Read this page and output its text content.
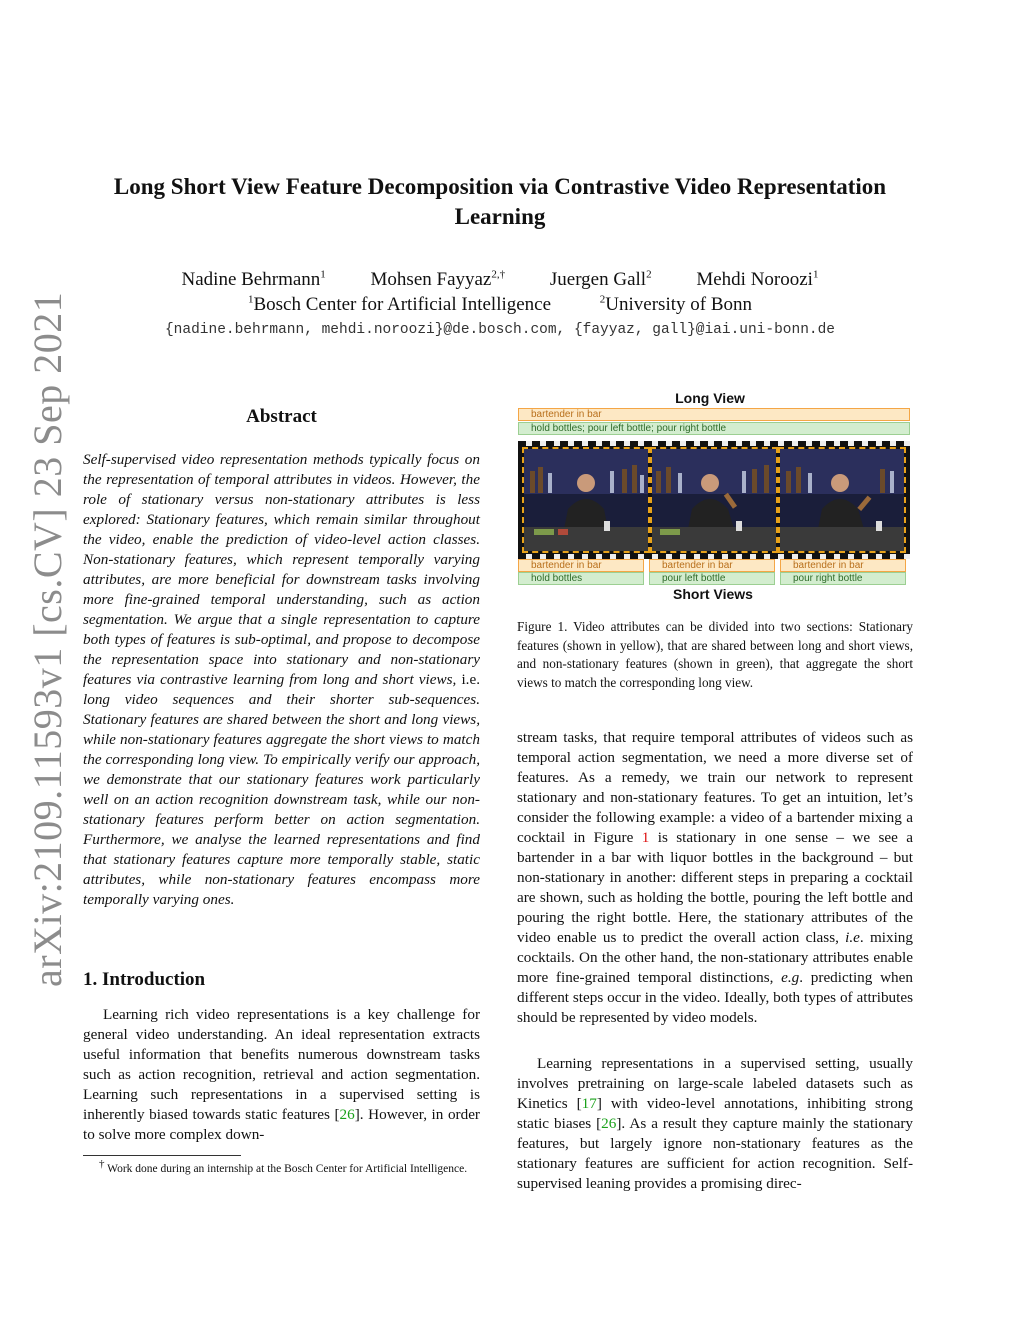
arXiv:2109.11593v1 [cs.CV] 23 Sep 2021
Long Short View Feature Decomposition via Contrastive Video Representation Learning
Nadine Behrmann$^1$ Mohsen Fayyaz$^{2,\dagger}$ Juergen Gall$^2$ Mehdi Noroozi$^1$
$^1$Bosch Center for Artificial Intelligence	$^2$University of Bonn
{nadine.behrmann, mehdi.noroozi}@de.bosch.com, {fayyaz, gall}@iai.uni-bonn.de
Abstract
Self-supervised video representation methods typically focus on the representation of temporal attributes in videos. However, the role of stationary versus non-stationary attributes is less explored: Stationary features, which remain similar throughout the video, enable the prediction of video-level action classes. Non-stationary features, which represent temporally varying attributes, are more beneficial for downstream tasks involving more fine-grained temporal understanding, such as action segmentation. We argue that a single representation to capture both types of features is sub-optimal, and propose to decompose the representation space into stationary and non-stationary features via contrastive learning from long and short views, i.e. long video sequences and their shorter sub-sequences. Stationary features are shared between the short and long views, while non-stationary features aggregate the short views to match the corresponding long view. To empirically verify our approach, we demonstrate that our stationary features work particularly well on an action recognition downstream task, while our non-stationary features perform better on action segmentation. Furthermore, we analyse the learned representations and find that stationary features capture more temporally stable, static attributes, while non-stationary features encompass more temporally varying ones.
1. Introduction
Learning rich video representations is a key challenge for general video understanding. An ideal representation extracts useful information that benefits numerous downstream tasks such as action recognition, retrieval and action segmentation. Learning such representations in a supervised setting is inherently biased towards static features [26]. However, in order to solve more complex down-
† Work done during an internship at the Bosch Center for Artificial Intelligence.
Long View
bartender in bar
hold bottles; pour left bottle; pour right bottle
bartender in bar
hold bottles
bartender in bar
pour left bottle
bartender in bar
pour right bottle
Short Views
Figure 1. Video attributes can be divided into two sections: Stationary features (shown in yellow), that are shared between long and short views, and non-stationary features (shown in green), that aggregate the short views to match the corresponding long view.
stream tasks, that require temporal attributes of videos such as temporal action segmentation, we need a more diverse set of features. As a remedy, we train our network to represent stationary and non-stationary features. To get an intuition, let’s consider the following example: a video of a bartender mixing a cocktail in Figure 1 is stationary in one sense – we see a bartender in a bar with liquor bottles in the background – but non-stationary in another: different steps in preparing a cocktail are shown, such as holding the bottle, pouring the left bottle and pouring the right bottle. Here, the stationary attributes of the video enable us to predict the overall action class, i.e. mixing cocktails. On the other hand, the non-stationary attributes enable more fine-grained temporal distinctions, e.g. predicting when different steps occur in the video. Ideally, both types of attributes should be represented by video models.
Learning representations in a supervised setting, usually involves pretraining on large-scale labeled datasets such as Kinetics [17] with video-level annotations, inhibiting strong static biases [26]. As a result they capture mainly the stationary features, but largely ignore non-stationary features as the stationary features are sufficient for action recognition. Self-supervised leaning provides a promising direc-
